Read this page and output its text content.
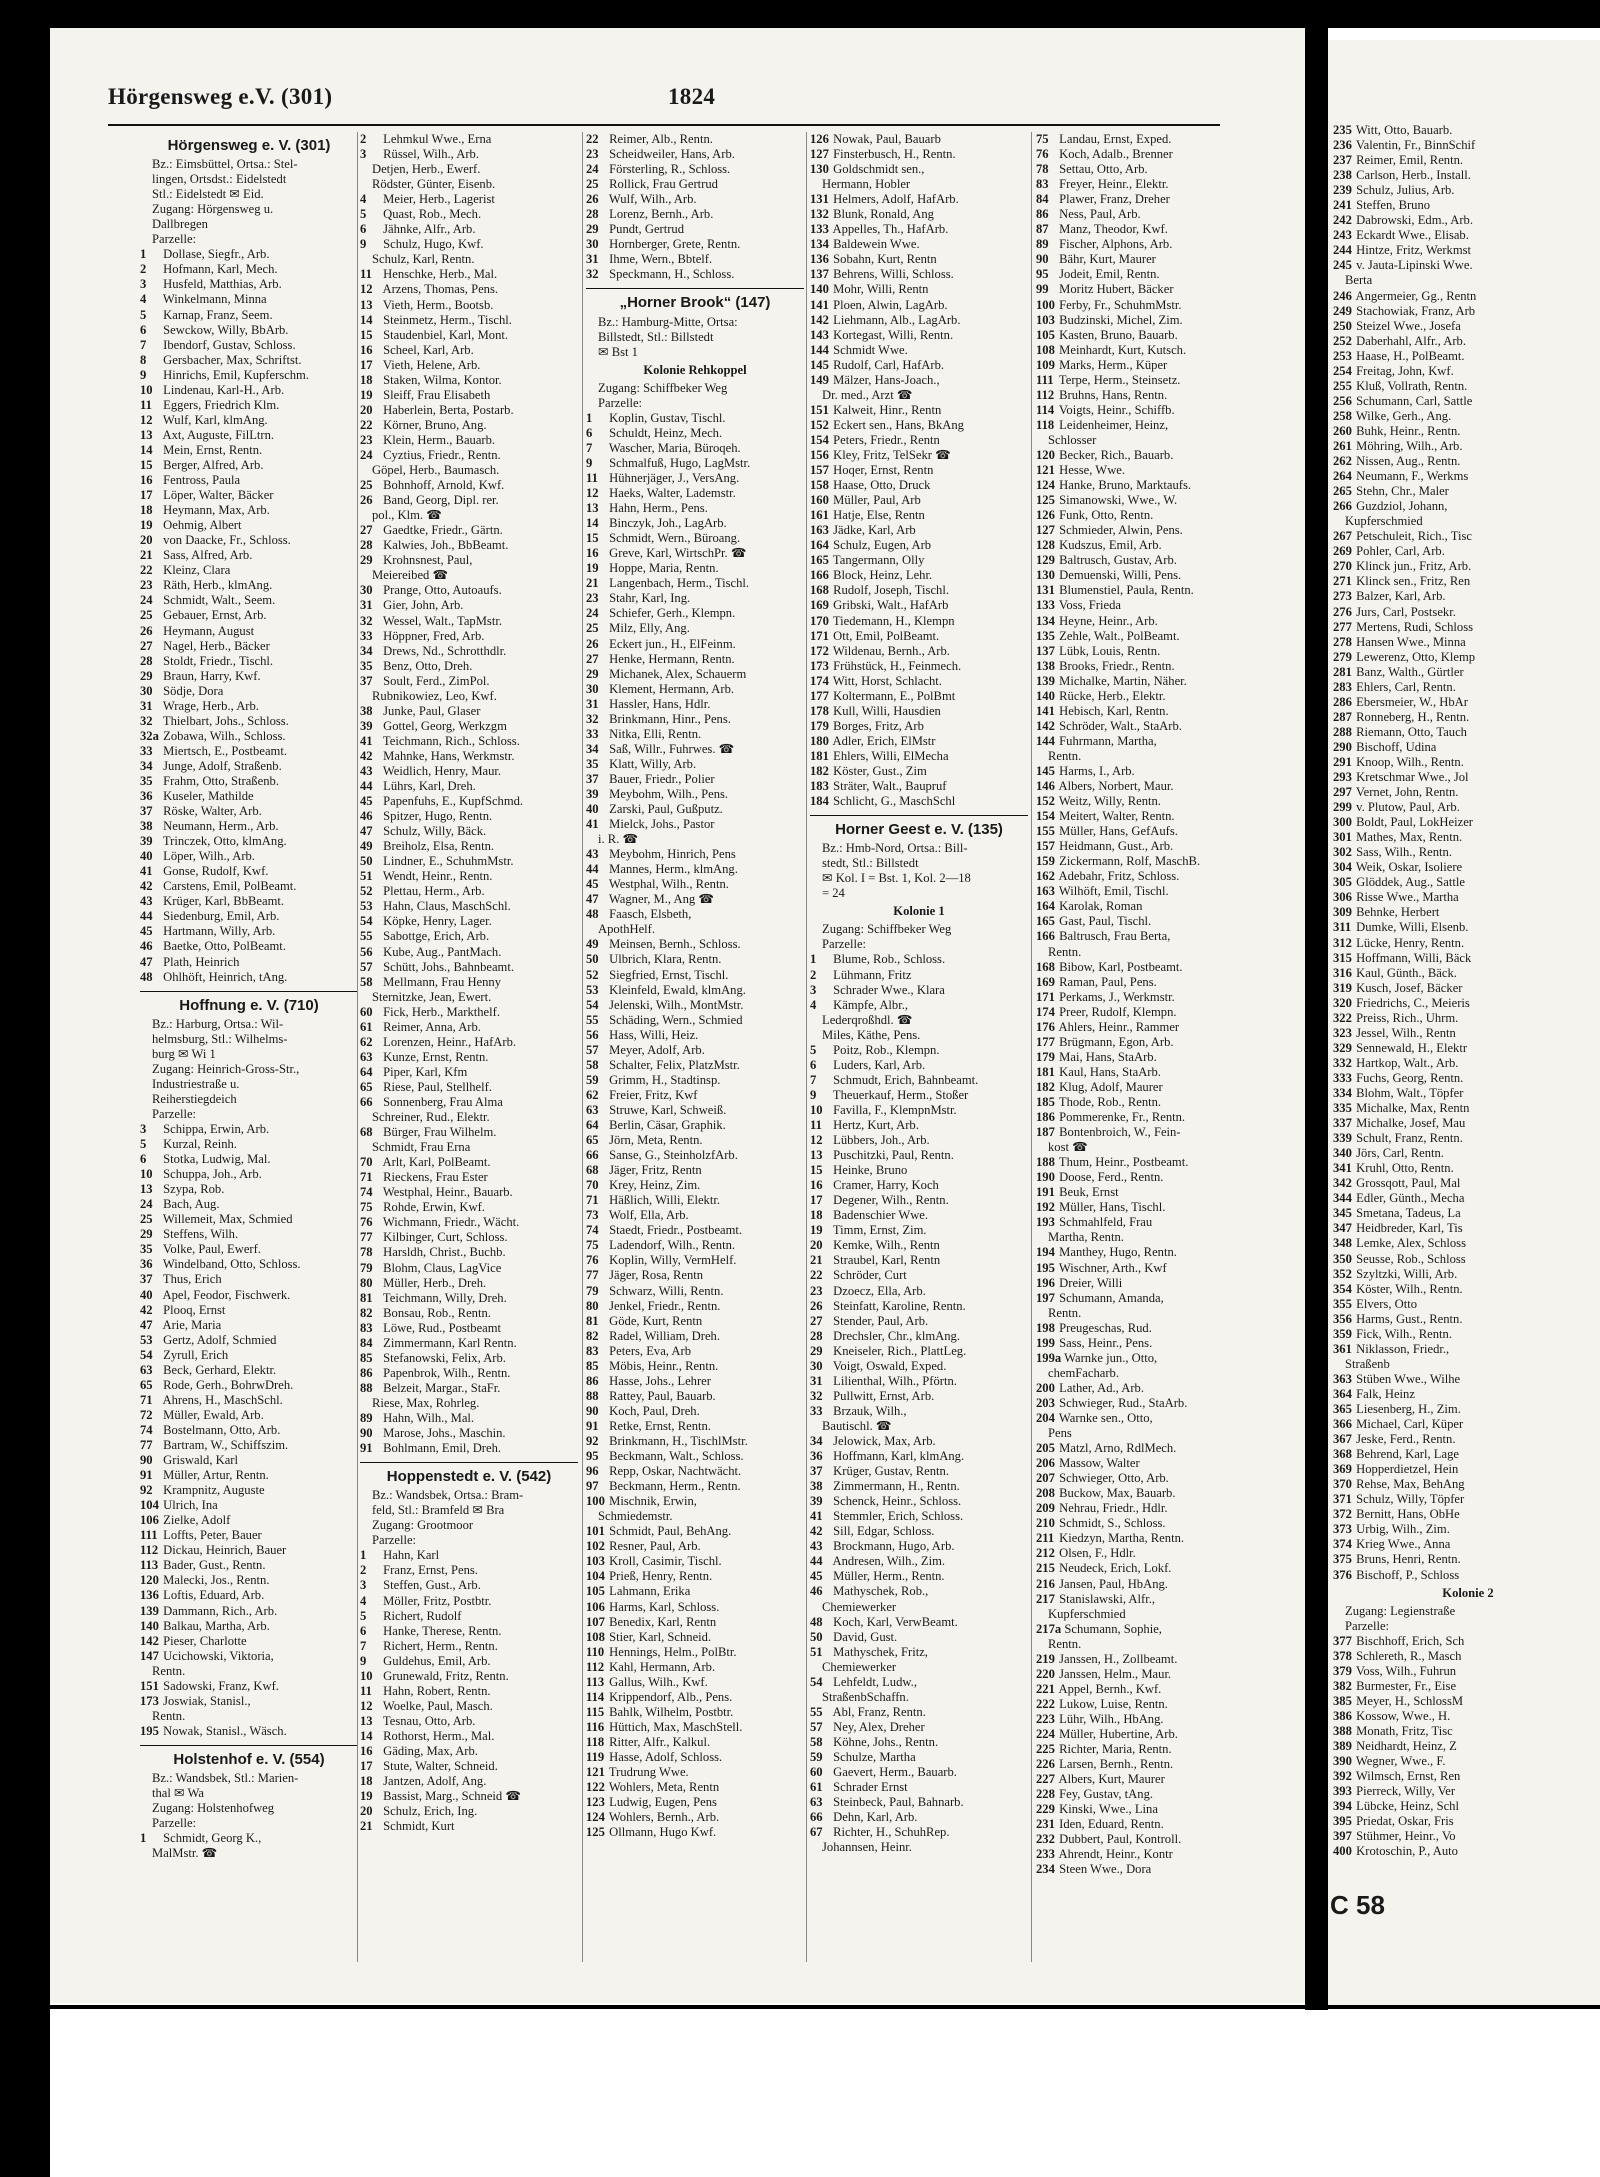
Hörgensweg e.V. (301)	1824
Hörgensweg e. V. (301)
Bz.: Eimsbüttel, Ortsa.: Stel-
lingen, Ortsdst.: Eidelstedt
Stl.: Eidelstedt ✉ Eid.
Zugang: Hörgensweg u.
Dallbregen
Parzelle:
1 Dollase, Siegfr., Arb.
2 Hofmann, Karl, Mech.
3 Husfeld, Matthias, Arb.
4 Winkelmann, Minna
5 Karnap, Franz, Seem.
6 Sewckow, Willy, BbArb.
7 Ibendorf, Gustav, Schloss.
8 Gersbacher, Max, Schriftst.
9 Hinrichs, Emil, Kupferschm.
10 Lindenau, Karl-H., Arb.
11 Eggers, Friedrich Klm.
12 Wulf, Karl, klmAng.
13 Axt, Auguste, FilLtrn.
14 Mein, Ernst, Rentn.
15 Berger, Alfred, Arb.
16 Fentross, Paula
17 Löper, Walter, Bäcker
18 Heymann, Max, Arb.
19 Oehmig, Albert
20 von Daacke, Fr., Schloss.
21 Sass, Alfred, Arb.
22 Kleinz, Clara
23 Räth, Herb., klmAng.
24 Schmidt, Walt., Seem.
25 Gebauer, Ernst, Arb.
26 Heymann, August
27 Nagel, Herb., Bäcker
28 Stoldt, Friedr., Tischl.
29 Braun, Harry, Kwf.
30 Södje, Dora
31 Wrage, Herb., Arb.
32 Thielbart, Johs., Schloss.
32a Zobawa, Wilh., Schloss.
33 Miertsch, E., Postbeamt.
34 Junge, Adolf, Straßenb.
35 Frahm, Otto, Straßenb.
36 Kuseler, Mathilde
37 Röske, Walter, Arb.
38 Neumann, Herm., Arb.
39 Trinczek, Otto, klmAng.
40 Löper, Wilh., Arb.
41 Gonse, Rudolf, Kwf.
42 Carstens, Emil, PolBeamt.
43 Krüger, Karl, BbBeamt.
44 Siedenburg, Emil, Arb.
45 Hartmann, Willy, Arb.
46 Baetke, Otto, PolBeamt.
47 Plath, Heinrich
48 Ohlhöft, Heinrich, tAng.
Hoffnung e. V. (710)
Bz.: Harburg, Ortsa.: Wil-
helmsburg, Stl.: Wilhelms-
burg ✉ Wi 1
Zugang: Heinrich-Gross-Str.,
Industriestraße u.
Reiherstiegdeich
Parzelle:
3 Schippa, Erwin, Arb.
5 Kurzal, Reinh.
6 Stotka, Ludwig, Mal.
10 Schuppa, Joh., Arb.
13 Szypa, Rob.
24 Bach, Aug.
25 Willemeit, Max, Schmied
29 Steffens, Wilh.
35 Volke, Paul, Ewerf.
36 Windelband, Otto, Schloss.
37 Thus, Erich
40 Apel, Feodor, Fischwerk.
42 Plooq, Ernst
47 Arie, Maria
53 Gertz, Adolf, Schmied
54 Zyrull, Erich
63 Beck, Gerhard, Elektr.
65 Rode, Gerh., BohrwDreh.
71 Ahrens, H., MaschSchl.
72 Müller, Ewald, Arb.
74 Bostelmann, Otto, Arb.
77 Bartram, W., Schiffszim.
90 Griswald, Karl
91 Müller, Artur, Rentn.
92 Krampnitz, Auguste
104 Ulrich, Ina
106 Zielke, Adolf
111 Loffts, Peter, Bauer
112 Dickau, Heinrich, Bauer
113 Bader, Gust., Rentn.
120 Malecki, Jos., Rentn.
136 Loftis, Eduard, Arb.
139 Dammann, Rich., Arb.
140 Balkau, Martha, Arb.
142 Pieser, Charlotte
147 Ucichowski, Viktoria,
Rentn.
151 Sadowski, Franz, Kwf.
173 Joswiak, Stanisl.,
Rentn.
195 Nowak, Stanisl., Wäsch.
Holstenhof e. V. (554)
Bz.: Wandsbek, Stl.: Marien-
thal ✉ Wa
Zugang: Holstenhofweg
Parzelle:
1 Schmidt, Georg K.,
MalMstr. ☎
2 Lehmkul Wwe., Erna
3 Rüssel, Wilh., Arb.
Detjen, Herb., Ewerf.
Rödster, Günter, Eisenb.
4 Meier, Herb., Lagerist
5 Quast, Rob., Mech.
6 Jähnke, Alfr., Arb.
9 Schulz, Hugo, Kwf.
Schulz, Karl, Rentn.
11 Henschke, Herb., Mal.
12 Arzens, Thomas, Pens.
13 Vieth, Herm., Bootsb.
14 Steinmetz, Herm., Tischl.
15 Staudenbiel, Karl, Mont.
16 Scheel, Karl, Arb.
17 Vieth, Helene, Arb.
18 Staken, Wilma, Kontor.
19 Sleiff, Frau Elisabeth
20 Haberlein, Berta, Postarb.
22 Körner, Bruno, Ang.
23 Klein, Herm., Bauarb.
24 Cyztius, Friedr., Rentn.
Göpel, Herb., Baumasch.
25 Bohnhoff, Arnold, Kwf.
26 Band, Georg, Dipl. rer.
pol., Klm. ☎
27 Gaedtke, Friedr., Gärtn.
28 Kalwies, Joh., BbBeamt.
29 Krohnsnest, Paul,
Meiereibed ☎
30 Prange, Otto, Autoaufs.
31 Gier, John, Arb.
32 Wessel, Walt., TapMstr.
33 Höppner, Fred, Arb.
34 Drews, Nd., Schrotthdlr.
35 Benz, Otto, Dreh.
37 Soult, Ferd., ZimPol.
Rubnikowiez, Leo, Kwf.
38 Junke, Paul, Glaser
39 Gottel, Georg, Werkzgm
41 Teichmann, Rich., Schloss.
42 Mahnke, Hans, Werkmstr.
43 Weidlich, Henry, Maur.
44 Lührs, Karl, Dreh.
45 Papenfuhs, E., KupfSchmd.
46 Spitzer, Hugo, Rentn.
47 Schulz, Willy, Bäck.
49 Breiholz, Elsa, Rentn.
50 Lindner, E., SchuhmMstr.
51 Wendt, Heinr., Rentn.
52 Plettau, Herm., Arb.
53 Hahn, Claus, MaschSchl.
54 Köpke, Henry, Lager.
55 Sabottge, Erich, Arb.
56 Kube, Aug., PantMach.
57 Schütt, Johs., Bahnbeamt.
58 Mellmann, Frau Henny
Sternitzke, Jean, Ewert.
60 Fick, Herb., Markthelf.
61 Reimer, Anna, Arb.
62 Lorenzen, Heinr., HafArb.
63 Kunze, Ernst, Rentn.
64 Piper, Karl, Kfm
65 Riese, Paul, Stellhelf.
66 Sonnenberg, Frau Alma
Schreiner, Rud., Elektr.
68 Bürger, Frau Wilhelm.
Schmidt, Frau Erna
70 Arlt, Karl, PolBeamt.
71 Rieckens, Frau Ester
74 Westphal, Heinr., Bauarb.
75 Rohde, Erwin, Kwf.
76 Wichmann, Friedr., Wächt.
77 Kilbinger, Curt, Schloss.
78 Harsldh, Christ., Buchb.
79 Blohm, Claus, LagVice
80 Müller, Herb., Dreh.
81 Teichmann, Willy, Dreh.
82 Bonsau, Rob., Rentn.
83 Löwe, Rud., Postbeamt
84 Zimmermann, Karl Rentn.
85 Stefanowski, Felix, Arb.
86 Papenbrok, Wilh., Rentn.
88 Belzeit, Margar., StaFr.
Riese, Max, Rohrleg.
89 Hahn, Wilh., Mal.
90 Marose, Johs., Maschin.
91 Bohlmann, Emil, Dreh.
Hoppenstedt e. V. (542)
Bz.: Wandsbek, Ortsa.: Bram-
feld, Stl.: Bramfeld ✉ Bra
Zugang: Grootmoor
Parzelle:
1 Hahn, Karl
2 Franz, Ernst, Pens.
3 Steffen, Gust., Arb.
4 Möller, Fritz, Postbtr.
5 Richert, Rudolf
6 Hanke, Therese, Rentn.
7 Richert, Herm., Rentn.
9 Guldehus, Emil, Arb.
10 Grunewald, Fritz, Rentn.
11 Hahn, Robert, Rentn.
12 Woelke, Paul, Masch.
13 Tesnau, Otto, Arb.
14 Rothorst, Herm., Mal.
16 Gäding, Max, Arb.
17 Stute, Walter, Schneid.
18 Jantzen, Adolf, Ang.
19 Bassist, Marg., Schneid ☎
20 Schulz, Erich, Ing.
21 Schmidt, Kurt
22 Reimer, Alb., Rentn.
23 Scheidweiler, Hans, Arb.
24 Försterling, R., Schloss.
25 Rollick, Frau Gertrud
26 Wulf, Wilh., Arb.
28 Lorenz, Bernh., Arb.
29 Pundt, Gertrud
30 Hornberger, Grete, Rentn.
31 Ihme, Wern., Bbtelf.
32 Speckmann, H., Schloss.
„Horner Brook“ (147)
Bz.: Hamburg-Mitte, Ortsa:
Billstedt, Stl.: Billstedt
✉ Bst 1
Kolonie Rehkoppel
Zugang: Schiffbeker Weg
Parzelle:
1 Koplin, Gustav, Tischl.
6 Schuldt, Heinz, Mech.
7 Wascher, Maria, Büroqeh.
9 Schmalfuß, Hugo, LagMstr.
11 Hühnerjäger, J., VersAng.
12 Haeks, Walter, Lademstr.
13 Hahn, Herm., Pens.
14 Binczyk, Joh., LagArb.
15 Schmidt, Wern., Büroang.
16 Greve, Karl, WirtschPr. ☎
19 Hoppe, Maria, Rentn.
21 Langenbach, Herm., Tischl.
23 Stahr, Karl, Ing.
24 Schiefer, Gerh., Klempn.
25 Milz, Elly, Ang.
26 Eckert jun., H., ElFeinm.
27 Henke, Hermann, Rentn.
29 Michanek, Alex, Schauerm
30 Klement, Hermann, Arb.
31 Hassler, Hans, Hdlr.
32 Brinkmann, Hinr., Pens.
33 Nitka, Elli, Rentn.
34 Saß, Willr., Fuhrwes. ☎
35 Klatt, Willy, Arb.
37 Bauer, Friedr., Polier
39 Meybohm, Wilh., Pens.
40 Zarski, Paul, Gußputz.
41 Mielck, Johs., Pastor
i. R. ☎
43 Meybohm, Hinrich, Pens
44 Mannes, Herm., klmAng.
45 Westphal, Wilh., Rentn.
47 Wagner, M., Ang ☎
48 Faasch, Elsbeth,
ApothHelf.
49 Meinsen, Bernh., Schloss.
50 Ulbrich, Klara, Rentn.
52 Siegfried, Ernst, Tischl.
53 Kleinfeld, Ewald, klmAng.
54 Jelenski, Wilh., MontMstr.
55 Schäding, Wern., Schmied
56 Hass, Willi, Heiz.
57 Meyer, Adolf, Arb.
58 Schalter, Felix, PlatzMstr.
59 Grimm, H., Stadtinsp.
62 Freier, Fritz, Kwf
63 Struwe, Karl, Schweiß.
64 Berlin, Cäsar, Graphik.
65 Jörn, Meta, Rentn.
66 Sanse, G., SteinholzfArb.
68 Jäger, Fritz, Rentn
70 Krey, Heinz, Zim.
71 Häßlich, Willi, Elektr.
73 Wolf, Ella, Arb.
74 Staedt, Friedr., Postbeamt.
75 Ladendorf, Wilh., Rentn.
76 Koplin, Willy, VermHelf.
77 Jäger, Rosa, Rentn
79 Schwarz, Willi, Rentn.
80 Jenkel, Friedr., Rentn.
81 Göde, Kurt, Rentn
82 Radel, William, Dreh.
83 Peters, Eva, Arb
85 Möbis, Heinr., Rentn.
86 Hasse, Johs., Lehrer
88 Rattey, Paul, Bauarb.
90 Koch, Paul, Dreh.
91 Retke, Ernst, Rentn.
92 Brinkmann, H., TischlMstr.
95 Beckmann, Walt., Schloss.
96 Repp, Oskar, Nachtwächt.
97 Beckmann, Herm., Rentn.
100 Mischnik, Erwin,
Schmiedemstr.
101 Schmidt, Paul, BehAng.
102 Resner, Paul, Arb.
103 Kroll, Casimir, Tischl.
104 Prieß, Henry, Rentn.
105 Lahmann, Erika
106 Harms, Karl, Schloss.
107 Benedix, Karl, Rentn
108 Stier, Karl, Schneid.
110 Hennings, Helm., PolBtr.
112 Kahl, Hermann, Arb.
113 Gallus, Wilh., Kwf.
114 Krippendorf, Alb., Pens.
115 Bahlk, Wilhelm, Postbtr.
116 Hüttich, Max, MaschStell.
118 Ritter, Alfr., Kalkul.
119 Hasse, Adolf, Schloss.
121 Trudrung Wwe.
122 Wohlers, Meta, Rentn
123 Ludwig, Eugen, Pens
124 Wohlers, Bernh., Arb.
125 Ollmann, Hugo Kwf.
126 Nowak, Paul, Bauarb
127 Finsterbusch, H., Rentn.
130 Goldschmidt sen.,
Hermann, Hobler
131 Helmers, Adolf, HafArb.
132 Blunk, Ronald, Ang
133 Appelles, Th., HafArb.
134 Baldewein Wwe.
136 Sobahn, Kurt, Rentn
137 Behrens, Willi, Schloss.
140 Mohr, Willi, Rentn
141 Ploen, Alwin, LagArb.
142 Liehmann, Alb., LagArb.
143 Kortegast, Willi, Rentn.
144 Schmidt Wwe.
145 Rudolf, Carl, HafArb.
149 Mälzer, Hans-Joach.,
Dr. med., Arzt ☎
151 Kalweit, Hinr., Rentn
152 Eckert sen., Hans, BkAng
154 Peters, Friedr., Rentn
156 Kley, Fritz, TelSekr ☎
157 Hoqer, Ernst, Rentn
158 Haase, Otto, Druck
160 Müller, Paul, Arb
161 Hatje, Else, Rentn
163 Jädke, Karl, Arb
164 Schulz, Eugen, Arb
165 Tangermann, Olly
166 Block, Heinz, Lehr.
168 Rudolf, Joseph, Tischl.
169 Gribski, Walt., HafArb
170 Tiedemann, H., Klempn
171 Ott, Emil, PolBeamt.
172 Wildenau, Bernh., Arb.
173 Frühstück, H., Feinmech.
174 Witt, Horst, Schlacht.
177 Koltermann, E., PolBmt
178 Kull, Willi, Hausdien
179 Borges, Fritz, Arb
180 Adler, Erich, ElMstr
181 Ehlers, Willi, ElMecha
182 Köster, Gust., Zim
183 Sträter, Walt., Baupruf
184 Schlicht, G., MaschSchl
Horner Geest e. V. (135)
Bz.: Hmb-Nord, Ortsa.: Bill-
stedt, Stl.: Billstedt
✉ Kol. I = Bst. 1, Kol. 2—18
= 24
Kolonie 1
Zugang: Schiffbeker Weg
Parzelle:
1 Blume, Rob., Schloss.
2 Lühmann, Fritz
3 Schrader Wwe., Klara
4 Kämpfe, Albr.,
Lederqroßhdl. ☎
Miles, Käthe, Pens.
5 Poitz, Rob., Klempn.
6 Luders, Karl, Arb.
7 Schmudt, Erich, Bahnbeamt.
9 Theuerkauf, Herm., Stoßer
10 Favilla, F., KlempnMstr.
11 Hertz, Kurt, Arb.
12 Lübbers, Joh., Arb.
13 Puschitzki, Paul, Rentn.
15 Heinke, Bruno
16 Cramer, Harry, Koch
17 Degener, Wilh., Rentn.
18 Badenschier Wwe.
19 Timm, Ernst, Zim.
20 Kemke, Wilh., Rentn
21 Straubel, Karl, Rentn
22 Schröder, Curt
23 Dzoecz, Ella, Arb.
26 Steinfatt, Karoline, Rentn.
27 Stender, Paul, Arb.
28 Drechsler, Chr., klmAng.
29 Kneiseler, Rich., PlattLeg.
30 Voigt, Oswald, Exped.
31 Lilienthal, Wilh., Pförtn.
32 Pullwitt, Ernst, Arb.
33 Brzauk, Wilh.,
Bautischl. ☎
34 Jelowick, Max, Arb.
36 Hoffmann, Karl, klmAng.
37 Krüger, Gustav, Rentn.
38 Zimmermann, H., Rentn.
39 Schenck, Heinr., Schloss.
41 Stemmler, Erich, Schloss.
42 Sill, Edgar, Schloss.
43 Brockmann, Hugo, Arb.
44 Andresen, Wilh., Zim.
45 Müller, Herm., Rentn.
46 Mathyschek, Rob.,
Chemiewerker
48 Koch, Karl, VerwBeamt.
50 David, Gust.
51 Mathyschek, Fritz,
Chemiewerker
54 Lehfeldt, Ludw.,
StraßenbSchaffn.
55 Abl, Franz, Rentn.
57 Ney, Alex, Dreher
58 Köhne, Johs., Rentn.
59 Schulze, Martha
60 Gaevert, Herm., Bauarb.
61 Schrader Ernst
63 Steinbeck, Paul, Bahnarb.
66 Dehn, Karl, Arb.
67 Richter, H., SchuhRep.
Johannsen, Heinr.
75 Landau, Ernst, Exped.
76 Koch, Adalb., Brenner
78 Settau, Otto, Arb.
83 Freyer, Heinr., Elektr.
84 Plawer, Franz, Dreher
86 Ness, Paul, Arb.
87 Manz, Theodor, Kwf.
89 Fischer, Alphons, Arb.
90 Bähr, Kurt, Maurer
95 Jodeit, Emil, Rentn.
99 Moritz Hubert, Bäcker
100 Ferby, Fr., SchuhmMstr.
103 Budzinski, Michel, Zim.
105 Kasten, Bruno, Bauarb.
108 Meinhardt, Kurt, Kutsch.
109 Marks, Herm., Küper
111 Terpe, Herm., Steinsetz.
112 Bruhns, Hans, Rentn.
114 Voigts, Heinr., Schiffb.
118 Leidenheimer, Heinz,
Schlosser
120 Becker, Rich., Bauarb.
121 Hesse, Wwe.
124 Hanke, Bruno, Marktaufs.
125 Simanowski, Wwe., W.
126 Funk, Otto, Rentn.
127 Schmieder, Alwin, Pens.
128 Kudszus, Emil, Arb.
129 Baltrusch, Gustav, Arb.
130 Demuenski, Willi, Pens.
131 Blumenstiel, Paula, Rentn.
133 Voss, Frieda
134 Heyne, Heinr., Arb.
135 Zehle, Walt., PolBeamt.
137 Lübk, Louis, Rentn.
138 Brooks, Friedr., Rentn.
139 Michalke, Martin, Näher.
140 Rücke, Herb., Elektr.
141 Hebisch, Karl, Rentn.
142 Schröder, Walt., StaArb.
144 Fuhrmann, Martha,
Rentn.
145 Harms, I., Arb.
146 Albers, Norbert, Maur.
152 Weitz, Willy, Rentn.
154 Meitert, Walter, Rentn.
155 Müller, Hans, GefAufs.
157 Heidmann, Gust., Arb.
159 Zickermann, Rolf, MaschB.
162 Adebahr, Fritz, Schloss.
163 Wilhöft, Emil, Tischl.
164 Karolak, Roman
165 Gast, Paul, Tischl.
166 Baltrusch, Frau Berta,
Rentn.
168 Bibow, Karl, Postbeamt.
169 Raman, Paul, Pens.
171 Perkams, J., Werkmstr.
174 Preer, Rudolf, Klempn.
176 Ahlers, Heinr., Rammer
177 Brügmann, Egon, Arb.
179 Mai, Hans, StaArb.
181 Kaul, Hans, StaArb.
182 Klug, Adolf, Maurer
185 Thode, Rob., Rentn.
186 Pommerenke, Fr., Rentn.
187 Bontenbroich, W., Fein-
kost ☎
188 Thum, Heinr., Postbeamt.
190 Doose, Ferd., Rentn.
191 Beuk, Ernst
192 Müller, Hans, Tischl.
193 Schmahlfeld, Frau
Martha, Rentn.
194 Manthey, Hugo, Rentn.
195 Wischner, Arth., Kwf
196 Dreier, Willi
197 Schumann, Amanda,
Rentn.
198 Preugeschas, Rud.
199 Sass, Heinr., Pens.
199a Warnke jun., Otto,
chemFacharb.
200 Lather, Ad., Arb.
203 Schwieger, Rud., StaArb.
204 Warnke sen., Otto,
Pens
205 Matzl, Arno, RdlMech.
206 Massow, Walter
207 Schwieger, Otto, Arb.
208 Buckow, Max, Bauarb.
209 Nehrau, Friedr., Hdlr.
210 Schmidt, S., Schloss.
211 Kiedzyn, Martha, Rentn.
212 Olsen, F., Hdlr.
215 Neudeck, Erich, Lokf.
216 Jansen, Paul, HbAng.
217 Stanislawski, Alfr.,
Kupferschmied
217a Schumann, Sophie,
Rentn.
219 Janssen, H., Zollbeamt.
220 Janssen, Helm., Maur.
221 Appel, Bernh., Kwf.
222 Lukow, Luise, Rentn.
223 Lühr, Wilh., HbAng.
224 Müller, Hubertine, Arb.
225 Richter, Maria, Rentn.
226 Larsen, Bernh., Rentn.
227 Albers, Kurt, Maurer
228 Fey, Gustav, tAng.
229 Kinski, Wwe., Lina
231 Iden, Eduard, Rentn.
232 Dubbert, Paul, Kontroll.
233 Ahrendt, Heinr., Kontr
234 Steen Wwe., Dora
235 Witt, Otto, Bauarb.
236 Valentin, Fr., BinnSchif
237 Reimer, Emil, Rentn.
238 Carlson, Herb., Install.
239 Schulz, Julius, Arb.
241 Steffen, Bruno
242 Dabrowski, Edm., Arb.
243 Eckardt Wwe., Elisab.
244 Hintze, Fritz, Werkmst
245 v. Jauta-Lipinski Wwe.
Berta
246 Angermeier, Gg., Rentn
249 Stachowiak, Franz, Arb
250 Steizel Wwe., Josefa
252 Daberhahl, Alfr., Arb.
253 Haase, H., PolBeamt.
254 Freitag, John, Kwf.
255 Kluß, Vollrath, Rentn.
256 Schumann, Carl, Sattle
258 Wilke, Gerh., Ang.
260 Buhk, Heinr., Rentn.
261 Möhring, Wilh., Arb.
262 Nissen, Aug., Rentn.
264 Neumann, F., Werkms
265 Stehn, Chr., Maler
266 Guzdziol, Johann,
Kupferschmied
267 Petschuleit, Rich., Tisc
269 Pohler, Carl, Arb.
270 Klinck jun., Fritz, Arb.
271 Klinck sen., Fritz, Ren
273 Balzer, Karl, Arb.
276 Jurs, Carl, Postsekr.
277 Mertens, Rudi, Schloss
278 Hansen Wwe., Minna
279 Lewerenz, Otto, Klemp
281 Banz, Walth., Gürtler
283 Ehlers, Carl, Rentn.
286 Ebersmeier, W., HbAr
287 Ronneberg, H., Rentn.
288 Riemann, Otto, Tauch
290 Bischoff, Udina
291 Knoop, Wilh., Rentn.
293 Kretschmar Wwe., Jol
297 Vernet, John, Rentn.
299 v. Plutow, Paul, Arb.
300 Boldt, Paul, LokHeizer
301 Mathes, Max, Rentn.
302 Sass, Wilh., Rentn.
304 Weik, Oskar, Isoliere
305 Glöddek, Aug., Sattle
306 Risse Wwe., Martha
309 Behnke, Herbert
311 Dumke, Willi, Elsenb.
312 Lücke, Henry, Rentn.
315 Hoffmann, Willi, Bäck
316 Kaul, Günth., Bäck.
319 Kusch, Josef, Bäcker
320 Friedrichs, C., Meieris
322 Preiss, Rich., Uhrm.
323 Jessel, Wilh., Rentn
329 Sennewald, H., Elektr
332 Hartkop, Walt., Arb.
333 Fuchs, Georg, Rentn.
334 Blohm, Walt., Töpfer
335 Michalke, Max, Rentn
337 Michalke, Josef, Mau
339 Schult, Franz, Rentn.
340 Jörs, Carl, Rentn.
341 Kruhl, Otto, Rentn.
342 Grossqott, Paul, Mal
344 Edler, Günth., Mecha
345 Smetana, Tadeus, La
347 Heidbreder, Karl, Tis
348 Lemke, Alex, Schloss
350 Seusse, Rob., Schloss
352 Szyltzki, Willi, Arb.
354 Köster, Wilh., Rentn.
355 Elvers, Otto
356 Harms, Gust., Rentn.
359 Fick, Wilh., Rentn.
361 Niklasson, Friedr.,
Straßenb
363 Stüben Wwe., Wilhe
364 Falk, Heinz
365 Liesenberg, H., Zim.
366 Michael, Carl, Küper
367 Jeske, Ferd., Rentn.
368 Behrend, Karl, Lage
369 Hopperdietzel, Hein
370 Rehse, Max, BehAng
371 Schulz, Willy, Töpfer
372 Bernitt, Hans, ObHe
373 Urbig, Wilh., Zim.
374 Krieg Wwe., Anna
375 Bruns, Henri, Rentn.
376 Bischoff, P., Schloss
Kolonie 2
Zugang: Legienstraße
Parzelle:
377 Bischhoff, Erich, Sch
378 Schlereth, R., Masch
379 Voss, Wilh., Fuhrun
382 Burmester, Fr., Eise
385 Meyer, H., SchlossM
386 Kossow, Wwe., H.
388 Monath, Fritz, Tisc
389 Neidhardt, Heinz, Z
390 Wegner, Wwe., F.
392 Wilmsch, Ernst, Ren
393 Pierreck, Willy, Ver
394 Lübcke, Heinz, Schl
395 Priedat, Oskar, Fris
397 Stühmer, Heinr., Vo
400 Krotoschin, P., Auto
C 58
